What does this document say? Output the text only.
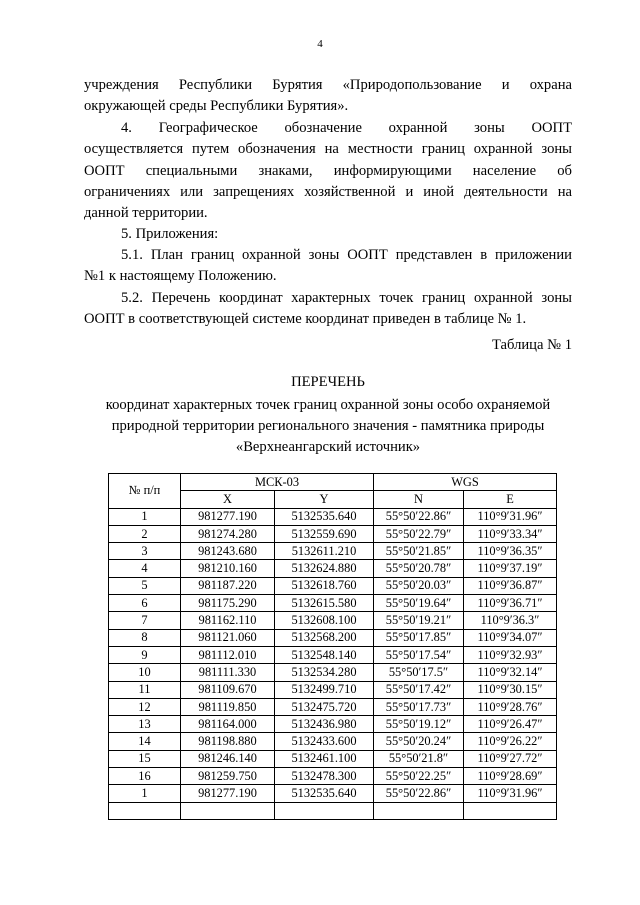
4
учреждения Республики Бурятия «Природопользование и охрана
окружающей среды Республики Бурятия».
4. Географическое обозначение охранной зоны ООПТ
осуществляется путем обозначения на местности границ охранной зоны
ООПТ специальными знаками, информирующими население об
ограничениях или запрещениях хозяйственной и иной деятельности на
данной территории.
5. Приложения:
5.1. План границ охранной зоны ООПТ представлен в приложении
№1 к настоящему Положению.
5.2. Перечень координат характерных точек границ охранной зоны
ООПТ в соответствующей системе координат приведен в таблице № 1.
Таблица № 1
ПЕРЕЧЕНЬ
координат характерных точек границ охранной зоны особо охраняемой
природной территории регионального значения - памятника природы
«Верхнеангарский источник»
№ п/п	МСК-03		WGS	
	X	Y	N	E
1	981277.190	5132535.640	55°50′22.86″	110°9′31.96″
2	981274.280	5132559.690	55°50′22.79″	110°9′33.34″
3	981243.680	5132611.210	55°50′21.85″	110°9′36.35″
4	981210.160	5132624.880	55°50′20.78″	110°9′37.19″
5	981187.220	5132618.760	55°50′20.03″	110°9′36.87″
6	981175.290	5132615.580	55°50′19.64″	110°9′36.71″
7	981162.110	5132608.100	55°50′19.21″	110°9′36.3″
8	981121.060	5132568.200	55°50′17.85″	110°9′34.07″
9	981112.010	5132548.140	55°50′17.54″	110°9′32.93″
10	981111.330	5132534.280	55°50′17.5″	110°9′32.14″
11	981109.670	5132499.710	55°50′17.42″	110°9′30.15″
12	981119.850	5132475.720	55°50′17.73″	110°9′28.76″
13	981164.000	5132436.980	55°50′19.12″	110°9′26.47″
14	981198.880	5132433.600	55°50′20.24″	110°9′26.22″
15	981246.140	5132461.100	55°50′21.8″	110°9′27.72″
16	981259.750	5132478.300	55°50′22.25″	110°9′28.69″
1	981277.190	5132535.640	55°50′22.86″	110°9′31.96″
